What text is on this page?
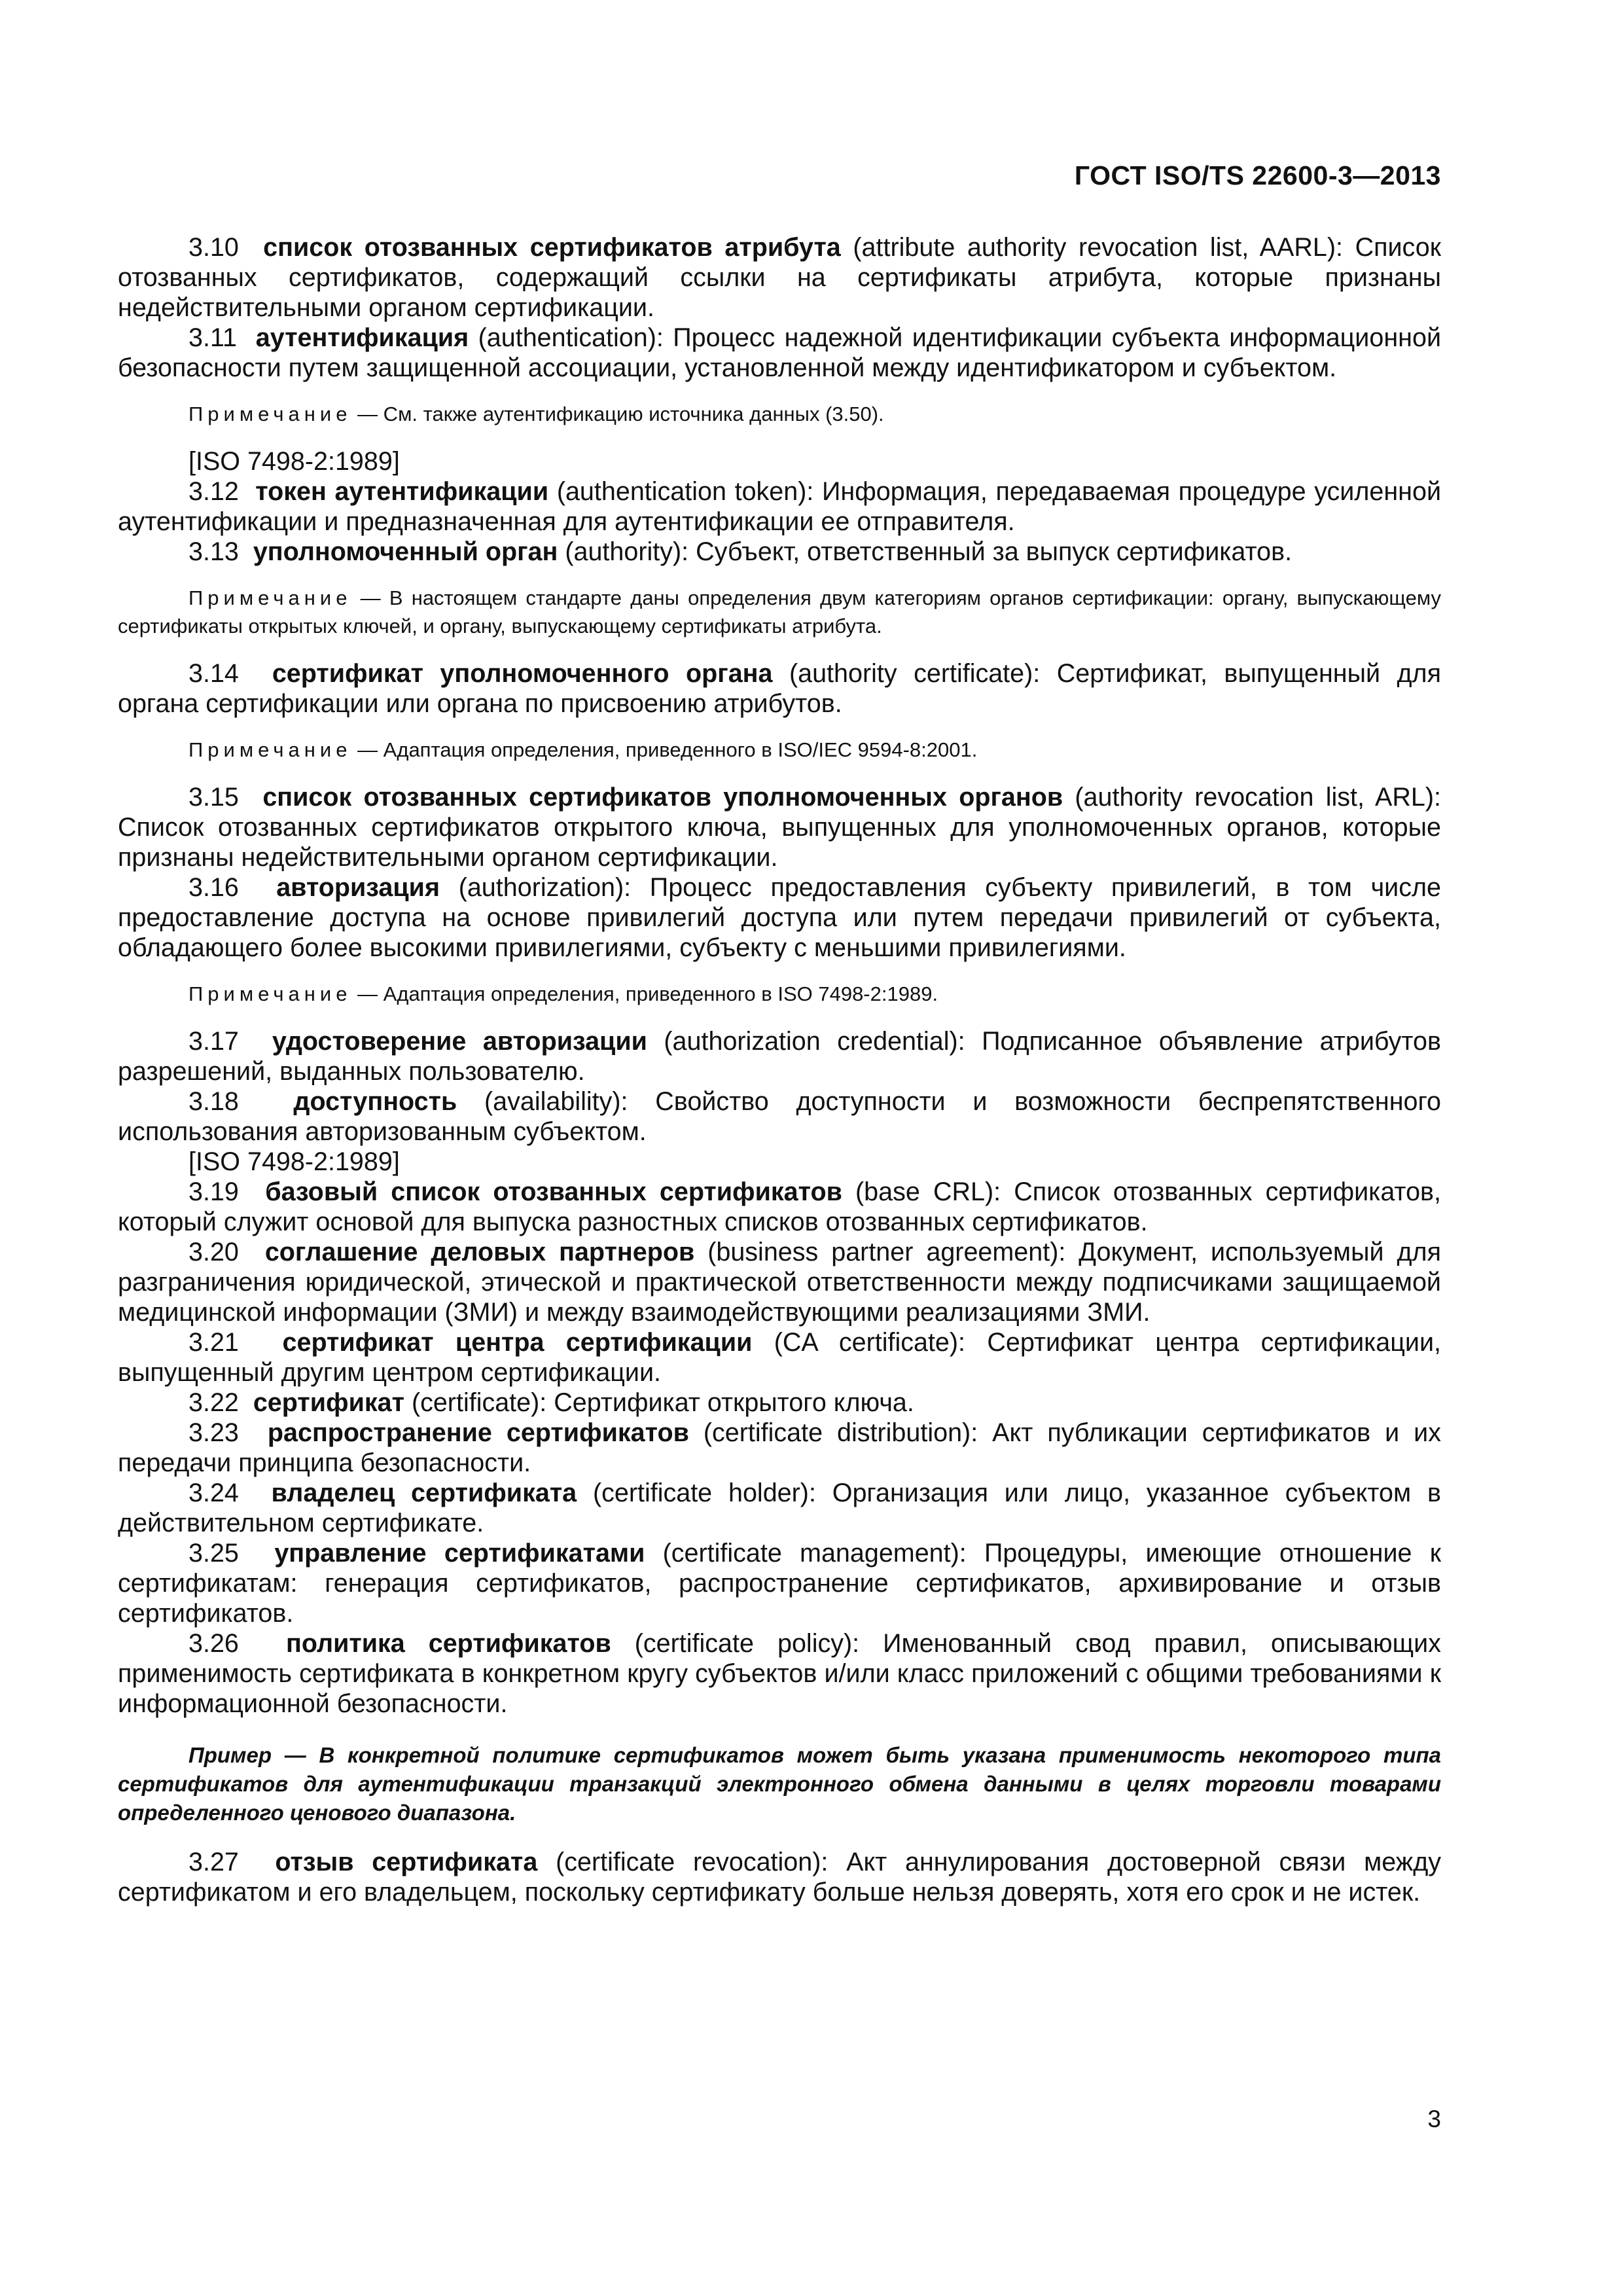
ГОСТ ISO/TS 22600-3—2013

3.10 список отозванных сертификатов атрибута (attribute authority revocation list, AARL): Список отозванных сертификатов, содержащий ссылки на сертификаты атрибута, которые признаны недействительными органом сертификации.

3.11 аутентификация (authentication): Процесс надежной идентификации субъекта информационной безопасности путем защищенной ассоциации, установленной между идентификатором и субъектом.

Примечание — См. также аутентификацию источника данных (3.50).

[ISO 7498-2:1989]

3.12 токен аутентификации (authentication token): Информация, передаваемая процедуре усиленной аутентификации и предназначенная для аутентификации ее отправителя.

3.13 уполномоченный орган (authority): Субъект, ответственный за выпуск сертификатов.

Примечание — В настоящем стандарте даны определения двум категориям органов сертификации: органу, выпускающему сертификаты открытых ключей, и органу, выпускающему сертификаты атрибута.

3.14 сертификат уполномоченного органа (authority certificate): Сертификат, выпущенный для органа сертификации или органа по присвоению атрибутов.

Примечание — Адаптация определения, приведенного в ISO/IEC 9594-8:2001.

3.15 список отозванных сертификатов уполномоченных органов (authority revocation list, ARL): Список отозванных сертификатов открытого ключа, выпущенных для уполномоченных органов, которые признаны недействительными органом сертификации.

3.16 авторизация (authorization): Процесс предоставления субъекту привилегий, в том числе предоставление доступа на основе привилегий доступа или путем передачи привилегий от субъекта, обладающего более высокими привилегиями, субъекту с меньшими привилегиями.

Примечание — Адаптация определения, приведенного в ISO 7498-2:1989.

3.17 удостоверение авторизации (authorization credential): Подписанное объявление атрибутов разрешений, выданных пользователю.

3.18 доступность (availability): Свойство доступности и возможности беспрепятственного использования авторизованным субъектом.

[ISO 7498-2:1989]

3.19 базовый список отозванных сертификатов (base CRL): Список отозванных сертификатов, который служит основой для выпуска разностных списков отозванных сертификатов.

3.20 соглашение деловых партнеров (business partner agreement): Документ, используемый для разграничения юридической, этической и практической ответственности между подписчиками защищаемой медицинской информации (ЗМИ) и между взаимодействующими реализациями ЗМИ.

3.21 сертификат центра сертификации (CA certificate): Сертификат центра сертификации, выпущенный другим центром сертификации.

3.22 сертификат (certificate): Сертификат открытого ключа.

3.23 распространение сертификатов (certificate distribution): Акт публикации сертификатов и их передачи принципа безопасности.

3.24 владелец сертификата (certificate holder): Организация или лицо, указанное субъектом в действительном сертификате.

3.25 управление сертификатами (certificate management): Процедуры, имеющие отношение к сертификатам: генерация сертификатов, распространение сертификатов, архивирование и отзыв сертификатов.

3.26 политика сертификатов (certificate policy): Именованный свод правил, описывающих применимость сертификата в конкретном кругу субъектов и/или класс приложений с общими требованиями к информационной безопасности.

Пример — В конкретной политике сертификатов может быть указана применимость некоторого типа сертификатов для аутентификации транзакций электронного обмена данными в целях торговли товарами определенного ценового диапазона.

3.27 отзыв сертификата (certificate revocation): Акт аннулирования достоверной связи между сертификатом и его владельцем, поскольку сертификату больше нельзя доверять, хотя его срок и не истек.

3
